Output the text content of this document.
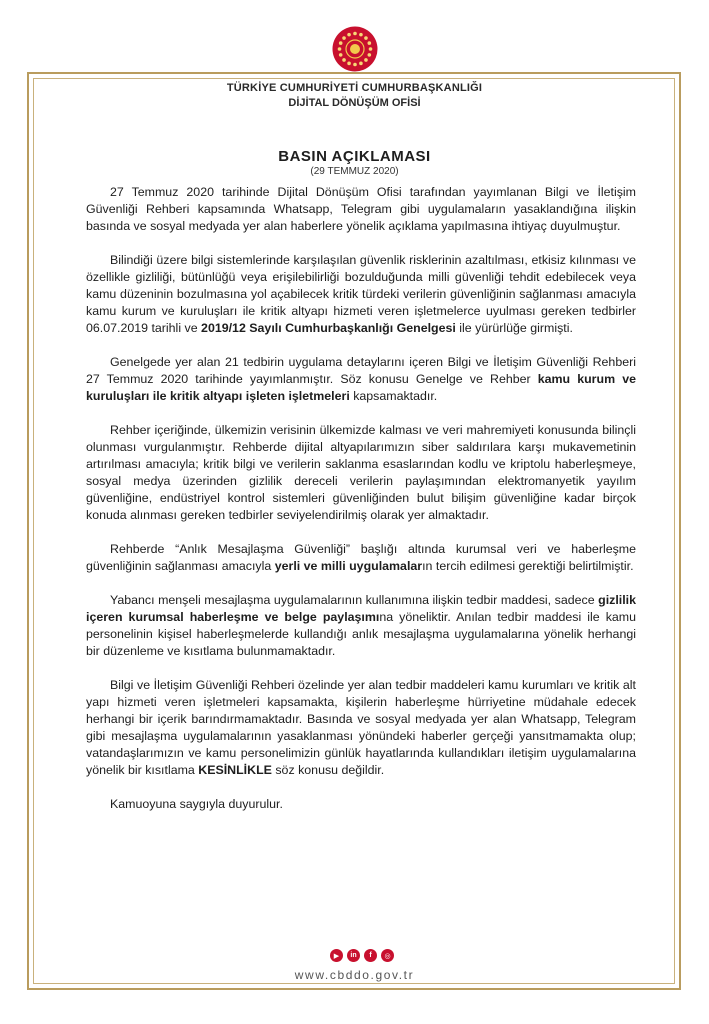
TÜRKİYE CUMHURİYETİ CUMHURBAŞKANLIĞI
DİJİTAL DÖNÜŞÜM OFİSİ
BASIN AÇIKLAMASI
(29 TEMMUZ 2020)

27 Temmuz 2020 tarihinde Dijital Dönüşüm Ofisi tarafından yayımlanan Bilgi ve İletişim Güvenliği Rehberi kapsamında Whatsapp, Telegram gibi uygulamaların yasaklandığına ilişkin basında ve sosyal medyada yer alan haberlere yönelik açıklama yapılmasına ihtiyaç duyulmuştur.

Bilindiği üzere bilgi sistemlerinde karşılaşılan güvenlik risklerinin azaltılması, etkisiz kılınması ve özellikle gizliliği, bütünlüğü veya erişilebilirliği bozulduğunda milli güvenliği tehdit edebilecek veya kamu düzeninin bozulmasına yol açabilecek kritik türdeki verilerin güvenliğinin sağlanması amacıyla kamu kurum ve kuruluşları ile kritik altyapı hizmeti veren işletmelerce uyulması gereken tedbirler 06.07.2019 tarihli ve 2019/12 Sayılı Cumhurbaşkanlığı Genelgesi ile yürürlüğe girmişti.

Genelgede yer alan 21 tedbirin uygulama detaylarını içeren Bilgi ve İletişim Güvenliği Rehberi 27 Temmuz 2020 tarihinde yayımlanmıştır. Söz konusu Genelge ve Rehber kamu kurum ve kuruluşları ile kritik altyapı işleten işletmeleri kapsamaktadır.

Rehber içeriğinde, ülkemizin verisinin ülkemizde kalması ve veri mahremiyeti konusunda bilinçli olunması vurgulanmıştır. Rehberde dijital altyapılarımızın siber saldırılara karşı mukavemetinin artırılması amacıyla; kritik bilgi ve verilerin saklanma esaslarından kodlu ve kriptolu haberleşmeye, sosyal medya üzerinden gizlilik dereceli verilerin paylaşımından elektromanyetik yayılım güvenliğine, endüstriyel kontrol sistemleri güvenliğinden bulut bilişim güvenliğine kadar birçok konuda alınması gereken tedbirler seviyelendirilmiş olarak yer almaktadır.

Rehberde “Anlık Mesajlaşma Güvenliği” başlığı altında kurumsal veri ve haberleşme güvenliğinin sağlanması amacıyla yerli ve milli uygulamaların tercih edilmesi gerektiği belirtilmiştir.

Yabancı menşeli mesajlaşma uygulamalarının kullanımına ilişkin tedbir maddesi, sadece gizlilik içeren kurumsal haberleşme ve belge paylaşımına yöneliktir. Anılan tedbir maddesi ile kamu personelinin kişisel haberleşmelerde kullandığı anlık mesajlaşma uygulamalarına yönelik herhangi bir düzenleme ve kısıtlama bulunmamaktadır.

Bilgi ve İletişim Güvenliği Rehberi özelinde yer alan tedbir maddeleri kamu kurumları ve kritik alt yapı hizmeti veren işletmeleri kapsamakta, kişilerin haberleşme hürriyetine müdahale edecek herhangi bir içerik barındırmamaktadır. Basında ve sosyal medyada yer alan Whatsapp, Telegram gibi mesajlaşma uygulamalarının yasaklanması yönündeki haberler gerçeği yansıtmamakta olup; vatandaşlarımızın ve kamu personelimizin günlük hayatlarında kullandıkları iletişim uygulamalarına yönelik bir kısıtlama KESİNLİKLE söz konusu değildir.

Kamuoyuna saygıyla duyurulur.

▶	in	f	◎
www.cbddo.gov.tr
